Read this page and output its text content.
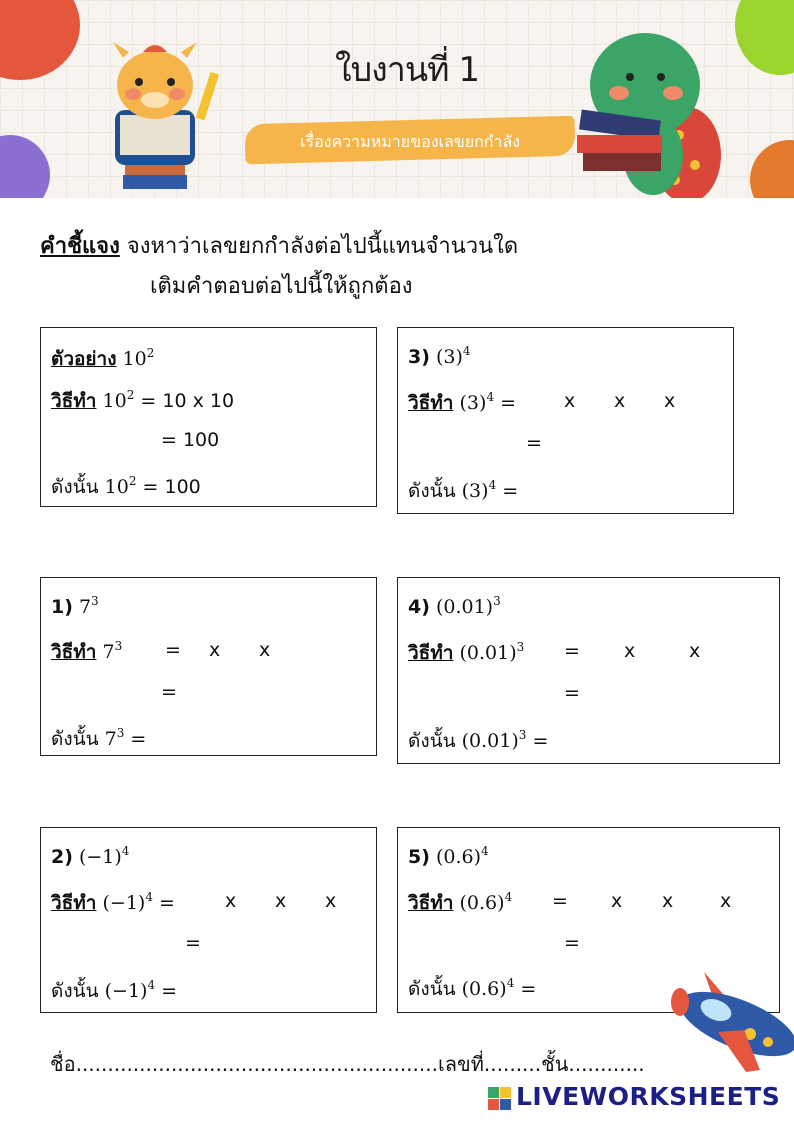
ใบงานที่ 1
เรื่องความหมายของเลขยกกำลัง
คำชี้แจง จงหาว่าเลขยกกำลังต่อไปนี้แทนจำนวนใด
เติมคำตอบต่อไปนี้ให้ถูกต้อง
ตัวอย่าง $10^2$
วิธีทำ $10^2 = 10$ x 10
= 100
ดังนั้น $10^2 = 100$
3) $(3)^4$
วิธีทำ $(3)^4$ =	x x x
=
ดังนั้น $(3)^4$ =
1) $7^3$
วิธีทำ $7^3 = x$ x
=
ดังนั้น $7^3$ =
4) $(0.01)^3$
วิธีทำ $(0.01)^3 = x$	x
=
ดังนั้น $(0.01)^3$ =
2) $(-1)^4$
วิธีทำ $(-1)^4$ =	x x x
=
ดังนั้น $(-1)^4$ =
5) $(0.6)^4$
วิธีทำ $(0.6)^4 = x$ x x
=
ดังนั้น $(0.6)^4$ =
ชื่อ.........................................................เลขที่.........ชั้น............
LIVEWORKSHEETS
